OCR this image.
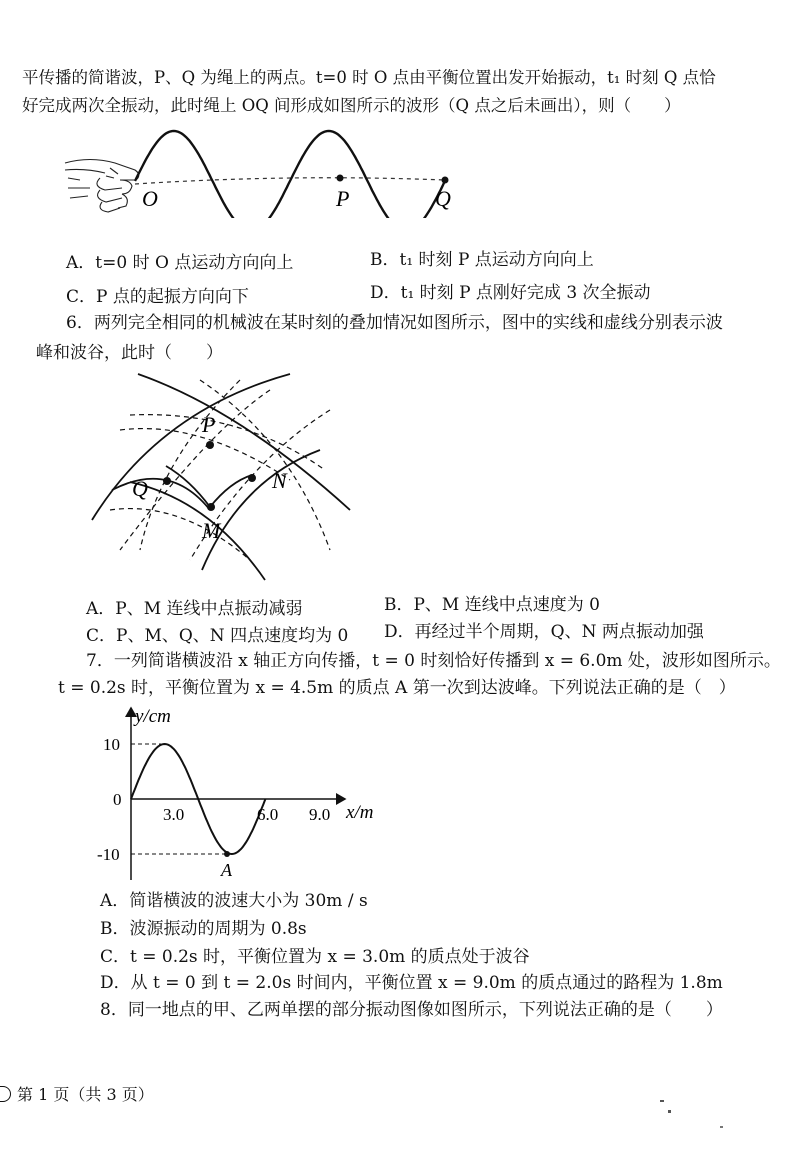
平传播的简谐波，P、Q 为绳上的两点。t=0 时 O 点由平衡位置出发开始振动，t₁ 时刻 Q 点恰
好完成两次全振动，此时绳上 OQ 间形成如图所示的波形（Q 点之后未画出），则（　　）
O	P	Q
A．t=0 时 O 点运动方向向上	B．t₁ 时刻 P 点运动方向向上
C．P 点的起振方向向下	D．t₁ 时刻 P 点刚好完成 3 次全振动
6．两列完全相同的机械波在某时刻的叠加情况如图所示，图中的实线和虚线分别表示波
峰和波谷，此时（　　）
P
Q	N
M
A．P、M 连线中点振动减弱	B．P、M 连线中点速度为 0
C．P、M、Q、N 四点速度均为 0 D．再经过半个周期，Q、N 两点振动加强
7．一列简谐横波沿 x 轴正方向传播，t = 0 时刻恰好传播到 x = 6.0m 处，波形如图所示。
t = 0.2s 时，平衡位置为 x = 4.5m 的质点 A 第一次到达波峰。下列说法正确的是（　）
y/cm
x/m
10
0
-10
3.0	6.0 9.0
A
A．简谐横波的波速大小为 30m / s
B．波源振动的周期为 0.8s
C．t = 0.2s 时，平衡位置为 x = 3.0m 的质点处于波谷
D．从 t = 0 到 t = 2.0s 时间内，平衡位置 x = 9.0m 的质点通过的路程为 1.8m
8．同一地点的甲、乙两单摆的部分振动图像如图所示，下列说法正确的是（　　）
第 1 页（共 3 页）
